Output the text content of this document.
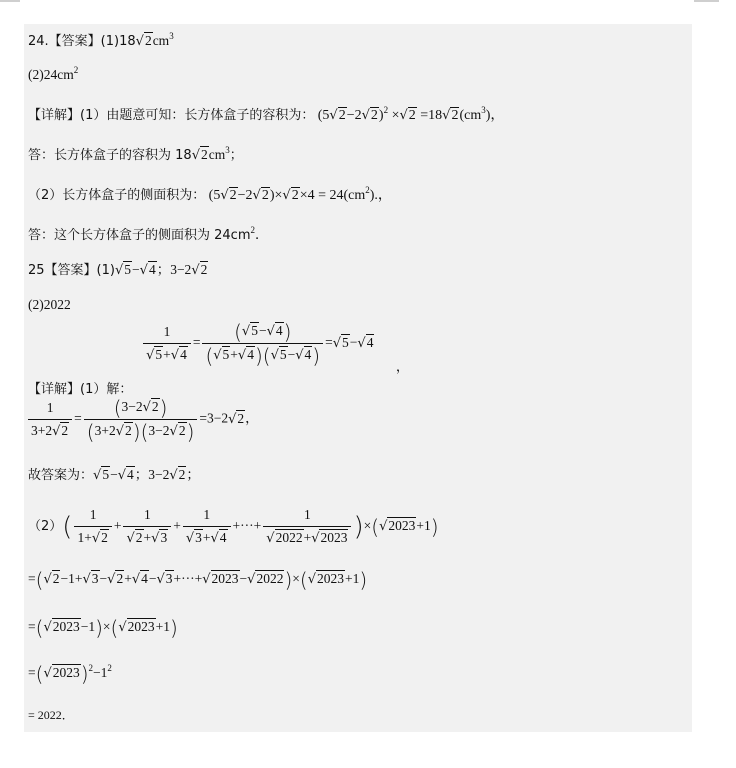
24.【答案】$(1)18√2cm^3$
$(2)24cm^2$
【详解】(1）由题意可知：长方体盒子的容积为： $(5√2-2√2)^2 \times√2 =18√2(cm^3)$，
答：长方体盒子的容积为 $18√2cm^3$；
（2）长方体盒子的侧面积为： $(5√2-2√2)\times√2\times 4 = 24(cm^2)$.，
答：这个长方体盒子的侧面积为 $24cm^2$．
25【答案】(1)√5−√4；3−2√2
(2)2022
【详解】(1）解：
$\frac{1}{√5+√4} = \frac{(√5-√4)}{(√5+√4)(√5-√4)} =√5-√4$ ，
$\frac{1}{3+2√2} = \frac{(3-2√2)}{(3+2√2)(3-2√2)} =3-2√2$，
故答案为：√5−√4；3−2√2；
$(2)( \frac{1}{1+√2} + \frac{1}{√2+√3} + \frac{1}{√3+√4}$ +···+ $\frac{1}{√2022+√2023} )\times(√2023+1)$
=(√2−1+√3−√2+√4−√3+···+√2023−√2022)×(√2023+1)
=(√2023−1)×(√2023+1)
$=(√2023)^2-1^2$
= 2022．
